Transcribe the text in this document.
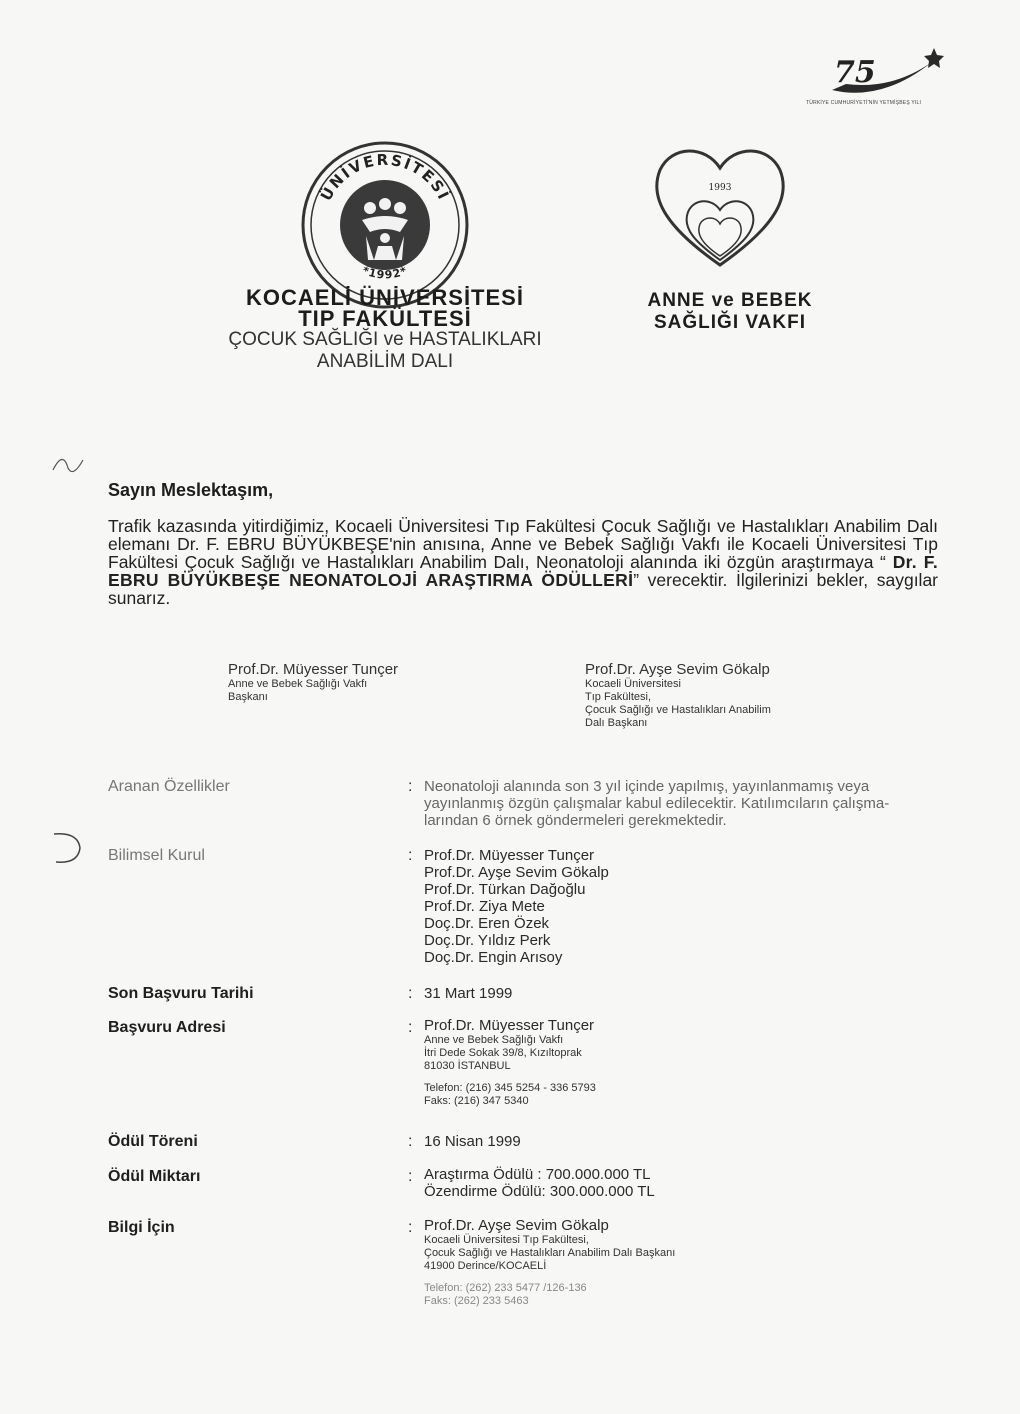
75
TÜRKİYE CUMHURİYETİ'NİN YETMİŞBEŞ YILI
ÜNİVERSİTESİ
*1992*
1993
KOCAELİ ÜNİVERSİTESİ
TIP FAKÜLTESİ
ÇOCUK SAĞLIĞI ve HASTALIKLARI
ANABİLİM DALI
ANNE ve BEBEK
SAĞLIĞI VAKFI
Sayın Meslektaşım,
Trafik kazasında yitirdiğimiz, Kocaeli Üniversitesi Tıp Fakültesi Çocuk Sağlığı ve Hastalıkları Anabilim Dalı elemanı Dr. F. EBRU BÜYÜKBEŞE'nin anısına, Anne ve Bebek Sağlığı Vakfı ile Kocaeli Üniversitesi Tıp Fakültesi Çocuk Sağlığı ve Hastalıkları Anabilim Dalı, Neonatoloji alanında iki özgün araştırmaya “ Dr. F. EBRU BÜYÜKBEŞE NEONATOLOJİ ARAŞTIRMA ÖDÜLLERİ” verecektir. İlgilerinizi bekler, saygılar sunarız.
Prof.Dr. Müyesser Tunçer
Anne ve Bebek Sağlığı Vakfı
Başkanı
Prof.Dr. Ayşe Sevim Gökalp
Kocaeli Üniversitesi
Tıp Fakültesi,
Çocuk Sağlığı ve Hastalıkları Anabilim
Dalı Başkanı
Aranan Özellikler	: Neonatoloji alanında son 3 yıl içinde yapılmış, yayınlanmamış veya
yayınlanmış özgün çalışmalar kabul edilecektir. Katılımcıların çalışma-
larından 6 örnek göndermeleri gerekmektedir.
Bilimsel Kurul	: Prof.Dr. Müyesser Tunçer
Prof.Dr. Ayşe Sevim Gökalp
Prof.Dr. Türkan Dağoğlu
Prof.Dr. Ziya Mete
Doç.Dr. Eren Özek
Doç.Dr. Yıldız Perk
Doç.Dr. Engin Arısoy
Son Başvuru Tarihi	: 31 Mart 1999
Başvuru Adresi	: Prof.Dr. Müyesser Tunçer
Anne ve Bebek Sağlığı Vakfı
İtri Dede Sokak 39/8, Kızıltoprak
81030 İSTANBUL
Telefon: (216) 345 5254 - 336 5793
Faks: (216) 347 5340
Ödül Töreni	: 16 Nisan 1999
Ödül Miktarı	: Araştırma Ödülü : 700.000.000 TL
Özendirme Ödülü: 300.000.000 TL
Bilgi İçin	: Prof.Dr. Ayşe Sevim Gökalp
Kocaeli Üniversitesi Tıp Fakültesi,
Çocuk Sağlığı ve Hastalıkları Anabilim Dalı Başkanı
41900 Derince/KOCAELİ
Telefon: (262) 233 5477 /126-136
Faks: (262) 233 5463
